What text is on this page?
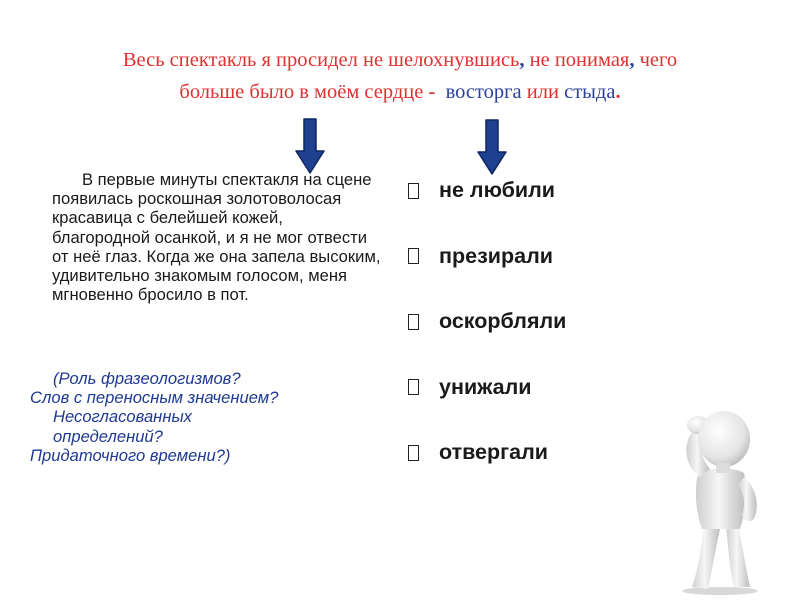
Весь спектакль я просидел не шелохнувшись, не понимая, чего
больше было в моём сердце -  восторга или стыда.
В первые минуты спектакля на сцене появилась роскошная золотоволосая красавица с белейшей кожей, благородной осанкой, и я не мог отвести от неё глаз. Когда же она запела высоким, удивительно знакомым голосом, меня мгновенно бросило в пот.
(Роль фразеологизмов?
Слов с переносным значением?
Несогласованных
определений?
Придаточного времени?)
не любили
презирали
оскорбляли
унижали
отвергали
